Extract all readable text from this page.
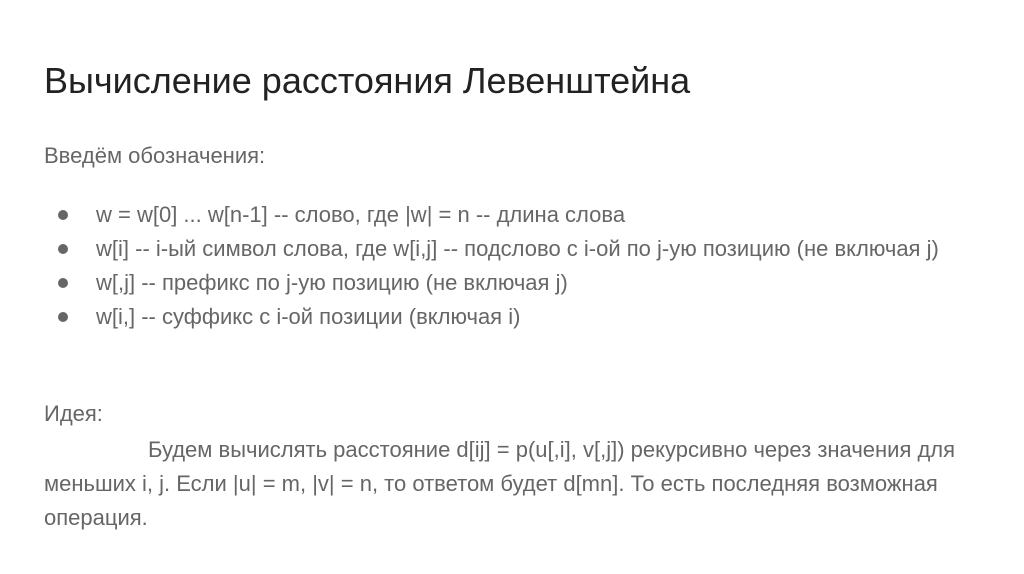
Вычисление расстояния Левенштейна
Введём обозначения:
w = w[0] ... w[n-1] -- слово, где |w| = n -- длина слова
w[i] -- i-ый символ слова, где w[i,j] -- подслово с i-ой по j-ую позицию (не включая j)
w[,j] -- префикс по j-ую позицию (не включая j)
w[i,] -- суффикс с i-ой позиции (включая i)
Идея:

Будем вычислять расстояние d[ij] = p(u[,i], v[,j]) рекурсивно через значения для меньших i, j. Если |u| = m, |v| = n, то ответом будет d[mn]. То есть последняя возможная операция.
